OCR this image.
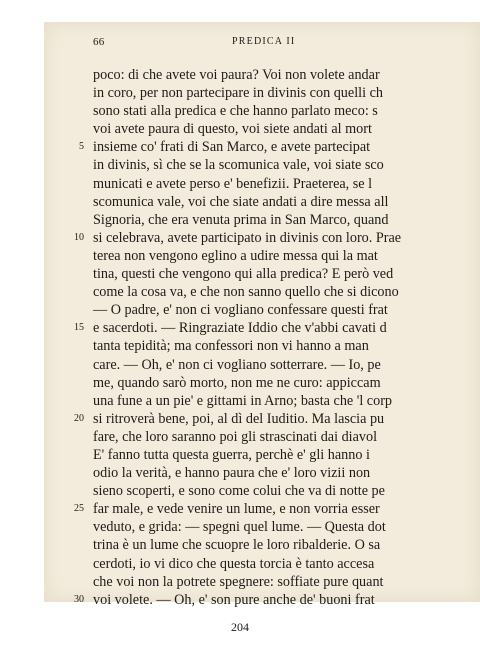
66	PREDICA II
poco: di che avete voi paura? Voi non volete andar
in coro, per non partecipare in divinis con quelli ch
sono stati alla predica e che hanno parlato meco: s
voi avete paura di questo, voi siete andati al mort
5 insieme co' frati di San Marco, e avete partecipat
in divinis, sì che se la scomunica vale, voi siate sco
municati e avete perso e' benefizii. Praeterea, se l
scomunica vale, voi che siate andati a dire messa all
Signoria, che era venuta prima in San Marco, quand
10 si celebrava, avete participato in divinis con loro. Prae
terea non vengono eglino a udire messa qui la mat
tina, questi che vengono qui alla predica? E però ved
come la cosa va, e che non sanno quello che si dicono
— O padre, e' non ci vogliano confessare questi frat
15 e sacerdoti. — Ringraziate Iddio che v'abbi cavati d
tanta tepidità; ma confessori non vi hanno a man
care. — Oh, e' non ci vogliano sotterrare. — Io, pe
me, quando sarò morto, non me ne curo: appiccam
una fune a un pie' e gittami in Arno; basta che 'l corp
20 si ritroverà bene, poi, al dì del Iuditio. Ma lascia pu
fare, che loro saranno poi gli strascinati dai diavol
E' fanno tutta questa guerra, perchè e' gli hanno i
odio la verità, e hanno paura che e' loro vizii non
sieno scoperti, e sono come colui che va di notte pe
25 far male, e vede venire un lume, e non vorria esser
veduto, e grida: — spegni quel lume. — Questa dot
trina è un lume che scuopre le loro ribalderie. O sa
cerdoti, io vi dico che questa torcia è tanto accesa
che voi non la potrete spegnere: soffiate pure quant
30 voi volete. — Oh, e' son pure anche de' buoni frat
204
